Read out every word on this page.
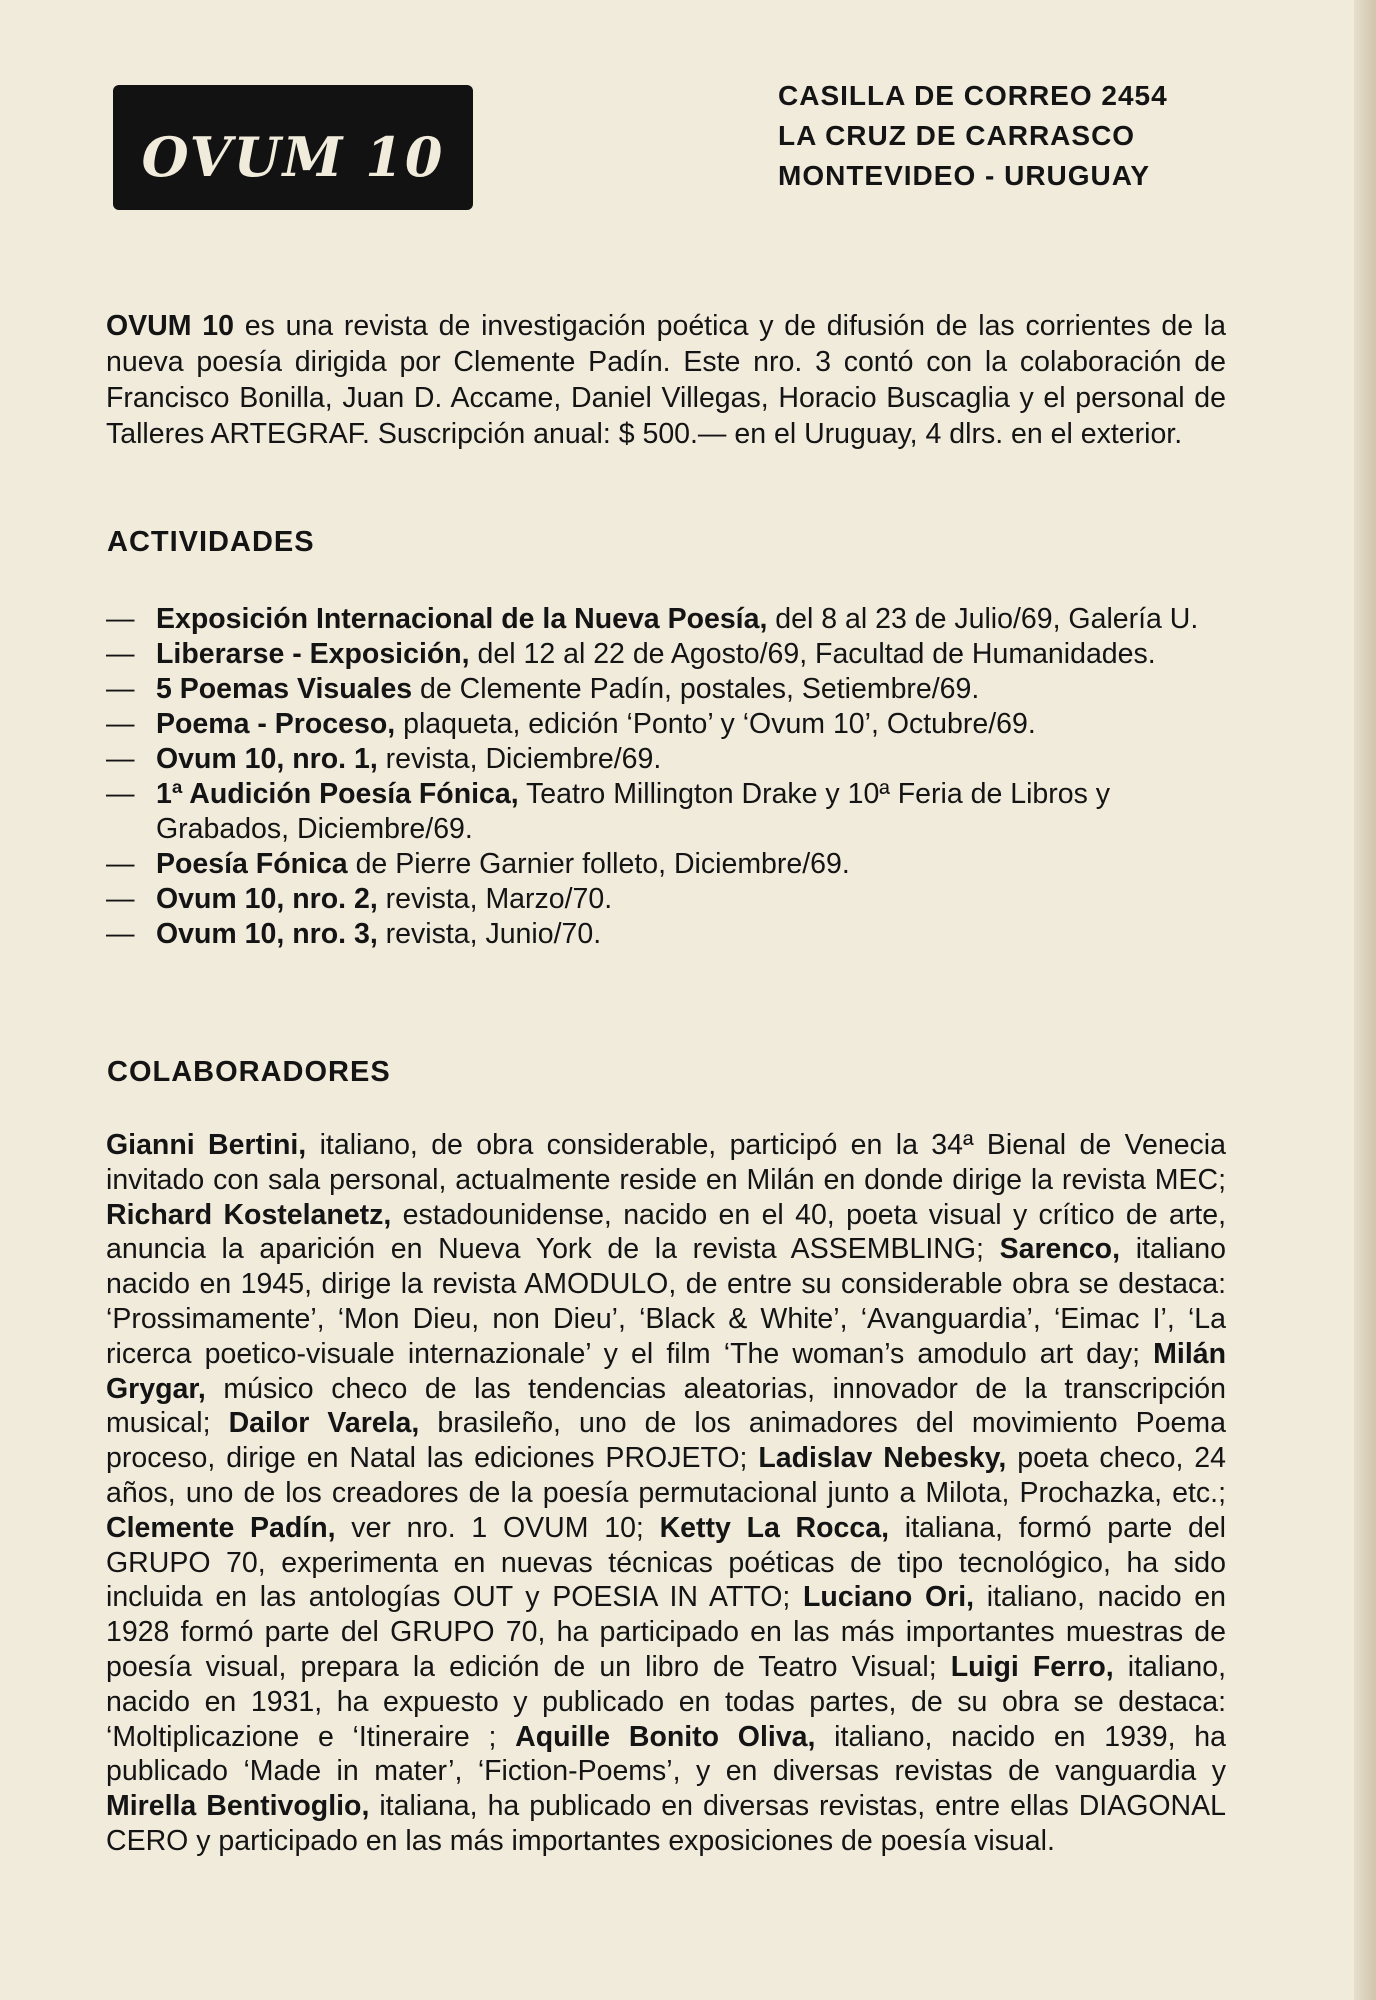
OVUM 10
CASILLA DE CORREO 2454
LA CRUZ DE CARRASCO
MONTEVIDEO - URUGUAY

OVUM 10 es una revista de investigación poética y de difusión de las corrientes de la nueva poesía dirigida por Clemente Padín. Este nro. 3 contó con la colaboración de Francisco Bonilla, Juan D. Accame, Daniel Villegas, Horacio Buscaglia y el personal de Talleres ARTEGRAF. Suscripción anual: $ 500.— en el Uruguay, 4 dlrs. en el exterior.

ACTIVIDADES
— Exposición Internacional de la Nueva Poesía, del 8 al 23 de Julio/69, Galería U.
— Liberarse - Exposición, del 12 al 22 de Agosto/69, Facultad de Humanidades.
— 5 Poemas Visuales de Clemente Padín, postales, Setiembre/69.
— Poema - Proceso, plaqueta, edición ‘Ponto’ y ‘Ovum 10’, Octubre/69.
— Ovum 10, nro. 1, revista, Diciembre/69.
— 1ª Audición Poesía Fónica, Teatro Millington Drake y 10ª Feria de Libros y Grabados, Diciembre/69.
— Poesía Fónica de Pierre Garnier folleto, Diciembre/69.
— Ovum 10, nro. 2, revista, Marzo/70.
— Ovum 10, nro. 3, revista, Junio/70.
COLABORADORES

Gianni Bertini, italiano, de obra considerable, participó en la 34ª Bienal de Venecia invitado con sala personal, actualmente reside en Milán en donde dirige la revista MEC; Richard Kostelanetz, estadounidense, nacido en el 40, poeta visual y crítico de arte, anuncia la aparición en Nueva York de la revista ASSEMBLING; Sarenco, italiano nacido en 1945, dirige la revista AMODULO, de entre su considerable obra se destaca: ‘Prossimamente’, ‘Mon Dieu, non Dieu’, ‘Black & White’, ‘Avanguardia’, ‘Eimac I’, ‘La ricerca poetico-visuale internazionale’ y el film ‘The woman’s amodulo art day; Milán Grygar, músico checo de las tendencias aleatorias, innovador de la transcripción musical; Dailor Varela, brasileño, uno de los animadores del movimiento Poema proceso, dirige en Natal las ediciones PROJETO; Ladislav Nebesky, poeta checo, 24 años, uno de los creadores de la poesía permutacional junto a Milota, Prochazka, etc.; Clemente Padín, ver nro. 1 OVUM 10; Ketty La Rocca, italiana, formó parte del GRUPO 70, experimenta en nuevas técnicas poéticas de tipo tecnológico, ha sido incluida en las antologías OUT y POESIA IN ATTO; Luciano Ori, italiano, nacido en 1928 formó parte del GRUPO 70, ha participado en las más importantes muestras de poesía visual, prepara la edición de un libro de Teatro Visual; Luigi Ferro, italiano, nacido en 1931, ha expuesto y publicado en todas partes, de su obra se destaca: ‘Moltiplicazione e ‘Itineraire ; Aquille Bonito Oliva, italiano, nacido en 1939, ha publicado ‘Made in mater’, ‘Fiction-Poems’, y en diversas revistas de vanguardia y Mirella Bentivoglio, italiana, ha publicado en diversas revistas, entre ellas DIAGONAL CERO y participado en las más importantes exposiciones de poesía visual.
